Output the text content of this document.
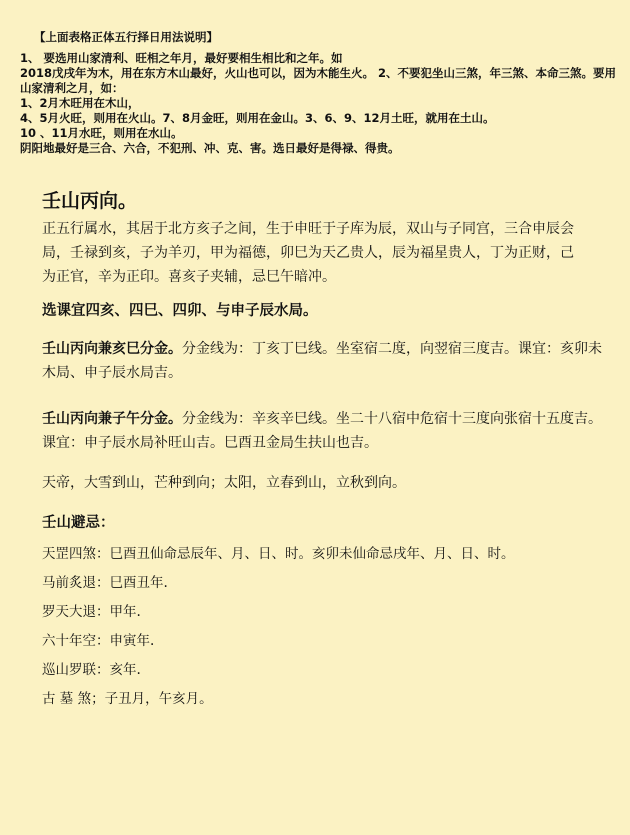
【上面表格正体五行择日用法说明】

1、 要选用山家清利、旺相之年月，最好要相生相比和之年。如

2018戊戌年为木，用在东方木山最好，火山也可以，因为木能生火。 2、不要犯坐山三煞，年三煞、本命三煞。要用山家清利之月，如：

1、2月木旺用在木山，

4、5月火旺，则用在火山。7、8月金旺，则用在金山。3、6、9、12月土旺，就用在土山。

10 、11月水旺，则用在水山。

阴阳地最好是三合、六合，不犯刑、冲、克、害。选日最好是得禄、得贵。

壬山丙向。
正五行属水，其居于北方亥子之间，生于申旺于子库为辰，双山与子同宫，三合申辰会局，壬禄到亥，子为羊刃，甲为福德，卯巳为天乙贵人，辰为福星贵人，丁为正财，己为正官，辛为正印。喜亥子夹辅，忌巳午暗冲。
选课宜四亥、四巳、四卯、与申子辰水局。
壬山丙向兼亥巳分金。分金线为：丁亥丁巳线。坐室宿二度，向翌宿三度吉。课宜：亥卯未木局、申子辰水局吉。
壬山丙向兼子午分金。分金线为：辛亥辛巳线。坐二十八宿中危宿十三度向张宿十五度吉。课宜：申子辰水局补旺山吉。巳酉丑金局生扶山也吉。
天帝，大雪到山，芒种到向；太阳，立春到山，立秋到向。
壬山避忌：
天罡四煞：巳酉丑仙命忌辰年、月、日、时。亥卯未仙命忌戌年、月、日、时。
马前炙退：巳酉丑年.
罗天大退：甲年.
六十年空：申寅年.
巡山罗联：亥年.
古 墓 煞；子丑月，午亥月。
